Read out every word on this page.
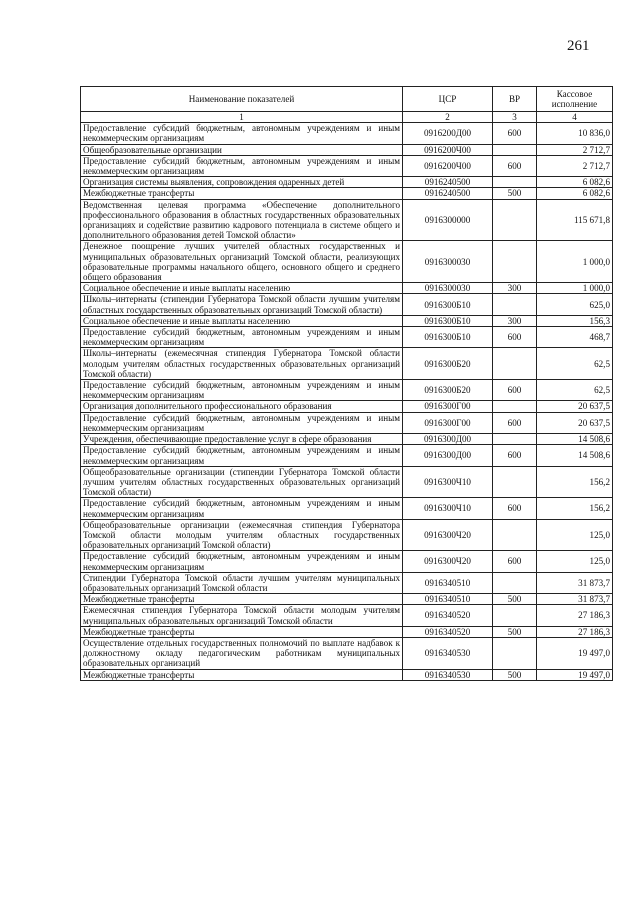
261
Наименование показателей	ЦСР	ВР	Кассовое исполнение
1	2	3	4
Предоставление субсидий бюджетным, автономным учреждениям и иным некоммерческим организациям	0916200Д00	600	10 836,0
Общеобразовательные организации	0916200Ч00		2 712,7
Предоставление субсидий бюджетным, автономным учреждениям и иным некоммерческим организациям	0916200Ч00	600	2 712,7
Организация системы выявления, сопровождения одаренных детей	0916240500		6 082,6
Межбюджетные трансферты	0916240500	500	6 082,6
Ведомственная целевая программа «Обеспечение дополнительного профессионального образования в областных государственных образовательных организациях и содействие развитию кадрового потенциала в системе общего и дополнительного образования детей Томской области»	0916300000		115 671,8
Денежное поощрение лучших учителей областных государственных и муниципальных образовательных организаций Томской области, реализующих образовательные программы начального общего, основного общего и среднего общего образования	0916300030		1 000,0
Социальное обеспечение и иные выплаты населению	0916300030	300	1 000,0
Школы–интернаты (стипендии Губернатора Томской области лучшим учителям областных государственных образовательных организаций Томской области)	0916300Б10		625,0
Социальное обеспечение и иные выплаты населению	0916300Б10	300	156,3
Предоставление субсидий бюджетным, автономным учреждениям и иным некоммерческим организациям	0916300Б10	600	468,7
Школы–интернаты (ежемесячная стипендия Губернатора Томской области молодым учителям областных государственных образовательных организаций Томской области)	0916300Б20		62,5
Предоставление субсидий бюджетным, автономным учреждениям и иным некоммерческим организациям	0916300Б20	600	62,5
Организация дополнительного профессионального образования	0916300Г00		20 637,5
Предоставление субсидий бюджетным, автономным учреждениям и иным некоммерческим организациям	0916300Г00	600	20 637,5
Учреждения, обеспечивающие предоставление услуг в сфере образования	0916300Д00		14 508,6
Предоставление субсидий бюджетным, автономным учреждениям и иным некоммерческим организациям	0916300Д00	600	14 508,6
Общеобразовательные организации (стипендии Губернатора Томской области лучшим учителям областных государственных образовательных организаций Томской области)	0916300Ч10		156,2
Предоставление субсидий бюджетным, автономным учреждениям и иным некоммерческим организациям	0916300Ч10	600	156,2
Общеобразовательные организации (ежемесячная стипендия Губернатора Томской области молодым учителям областных государственных образовательных организаций Томской области)	0916300Ч20		125,0
Предоставление субсидий бюджетным, автономным учреждениям и иным некоммерческим организациям	0916300Ч20	600	125,0
Стипендии Губернатора Томской области лучшим учителям муниципальных образовательных организаций Томской области	0916340510		31 873,7
Межбюджетные трансферты	0916340510	500	31 873,7
Ежемесячная стипендия Губернатора Томской области молодым учителям муниципальных образовательных организаций Томской области	0916340520		27 186,3
Межбюджетные трансферты	0916340520	500	27 186,3
Осуществление отдельных государственных полномочий по выплате надбавок к должностному окладу педагогическим работникам муниципальных образовательных организаций	0916340530		19 497,0
Межбюджетные трансферты	0916340530	500	19 497,0
